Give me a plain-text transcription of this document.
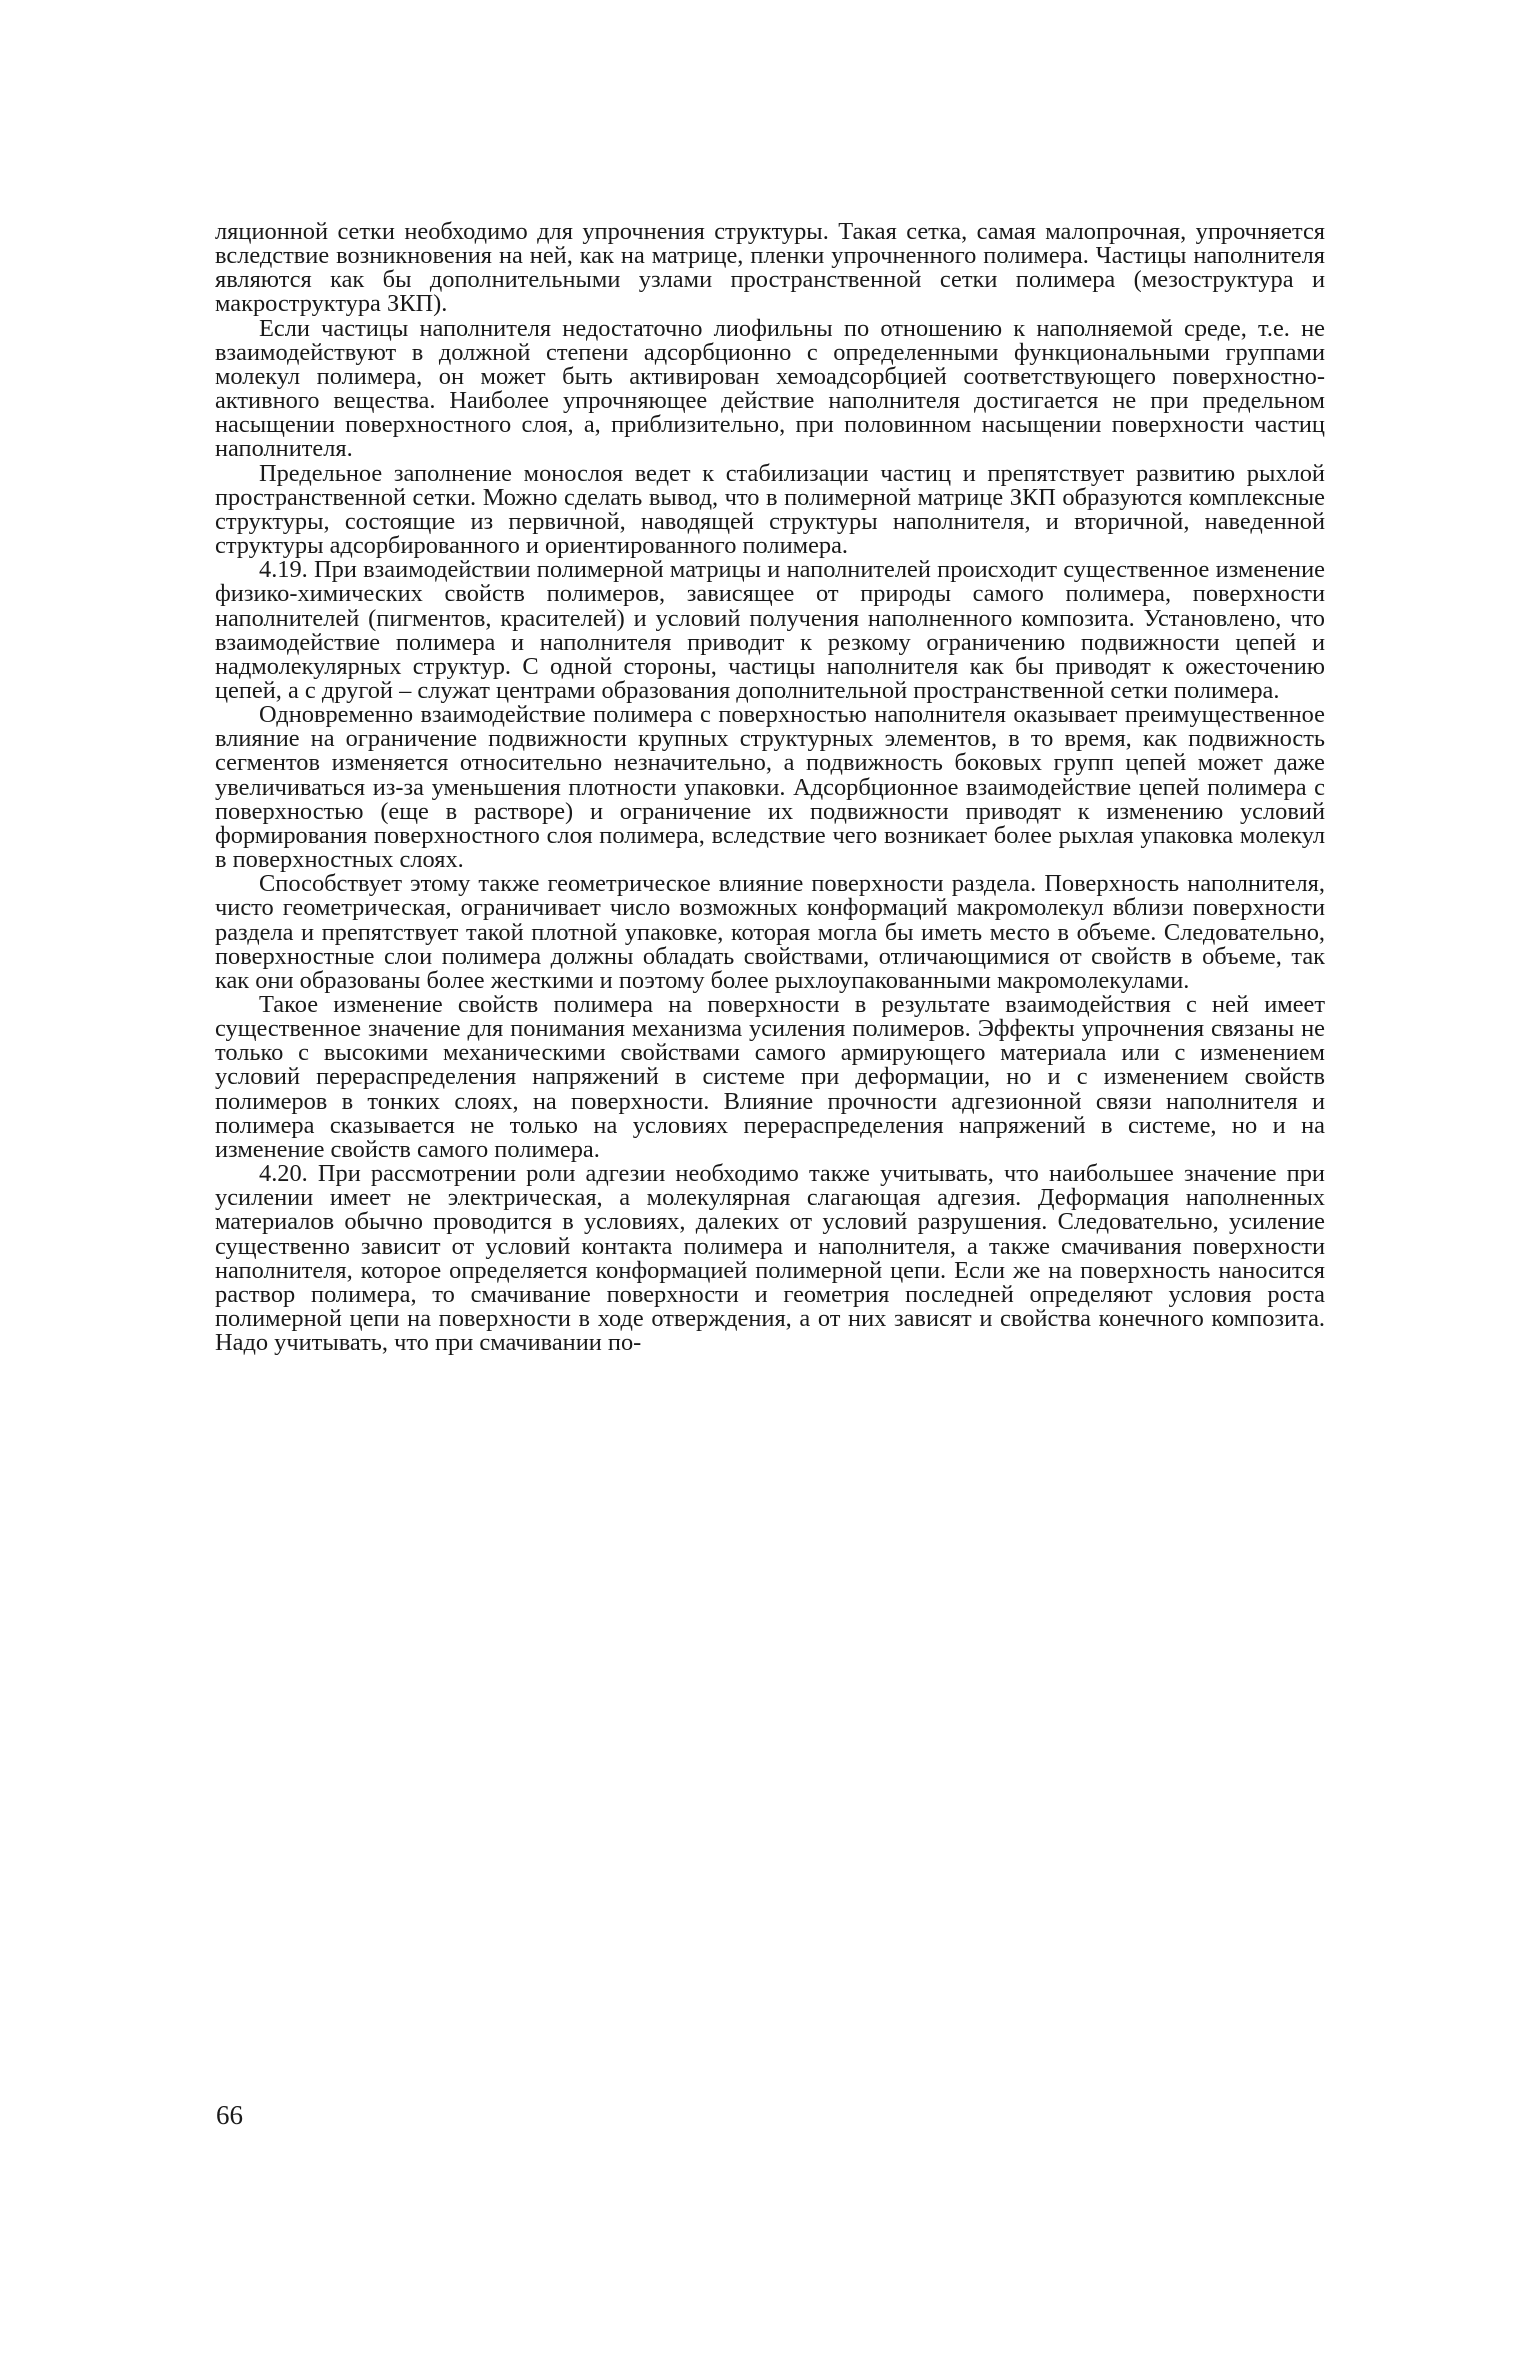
ляционной сетки необходимо для упрочнения структуры. Такая сетка, самая малопрочная, упрочняется вследствие возникновения на ней, как на матрице, пленки упрочненного полимера. Частицы наполнителя являются как бы дополнительными узлами пространственной сетки полимера (мезоструктура и макроструктура ЗКП).

Если частицы наполнителя недостаточно лиофильны по отношению к наполняемой среде, т.е. не взаимодействуют в должной степени адсорбционно с определенными функциональными группами молекул полимера, он может быть активирован хемоадсорбцией соответствующего поверхностно-активного вещества. Наиболее упрочняющее действие наполнителя достигается не при предельном насыщении поверхностного слоя, а, приблизительно, при половинном насыщении поверхности частиц наполнителя.

Предельное заполнение монослоя ведет к стабилизации частиц и препятствует развитию рыхлой пространственной сетки. Можно сделать вывод, что в полимерной матрице ЗКП образуются комплексные структуры, состоящие из первичной, наводящей структуры наполнителя, и вторичной, наведенной структуры адсорбированного и ориентированного полимера.

4.19. При взаимодействии полимерной матрицы и наполнителей происходит существенное изменение физико-химических свойств полимеров, зависящее от природы самого полимера, поверхности наполнителей (пигментов, красителей) и условий получения наполненного композита. Установлено, что взаимодействие полимера и наполнителя приводит к резкому ограничению подвижности цепей и надмолекулярных структур. С одной стороны, частицы наполнителя как бы приводят к ожесточению цепей, а с другой – служат центрами образования дополнительной пространственной сетки полимера.

Одновременно взаимодействие полимера с поверхностью наполнителя оказывает преимущественное влияние на ограничение подвижности крупных структурных элементов, в то время, как подвижность сегментов изменяется относительно незначительно, а подвижность боковых групп цепей может даже увеличиваться из-за уменьшения плотности упаковки. Адсорбционное взаимодействие цепей полимера с поверхностью (еще в растворе) и ограничение их подвижности приводят к изменению условий формирования поверхностного слоя полимера, вследствие чего возникает более рыхлая упаковка молекул в поверхностных слоях.

Способствует этому также геометрическое влияние поверхности раздела. Поверхность наполнителя, чисто геометрическая, ограничивает число возможных конформаций макромолекул вблизи поверхности раздела и препятствует такой плотной упаковке, которая могла бы иметь место в объеме. Следовательно, поверхностные слои полимера должны обладать свойствами, отличающимися от свойств в объеме, так как они образованы более жесткими и поэтому более рыхлоупакованными макромолекулами.

Такое изменение свойств полимера на поверхности в результате взаимодействия с ней имеет существенное значение для понимания механизма усиления полимеров. Эффекты упрочнения связаны не только с высокими механическими свойствами самого армирующего материала или с изменением условий перераспределения напряжений в системе при деформации, но и с изменением свойств полимеров в тонких слоях, на поверхности. Влияние прочности адгезионной связи наполнителя и полимера сказывается не только на условиях перераспределения напряжений в системе, но и на изменение свойств самого полимера.

4.20. При рассмотрении роли адгезии необходимо также учитывать, что наибольшее значение при усилении имеет не электрическая, а молекулярная слагающая адгезия. Деформация наполненных материалов обычно проводится в условиях, далеких от условий разрушения. Следовательно, усиление существенно зависит от условий контакта полимера и наполнителя, а также смачивания поверхности наполнителя, которое определяется конформацией полимерной цепи. Если же на поверхность наносится раствор полимера, то смачивание поверхности и геометрия последней определяют условия роста полимерной цепи на поверхности в ходе отверждения, а от них зависят и свойства конечного композита. Надо учитывать, что при смачивании по-

66
